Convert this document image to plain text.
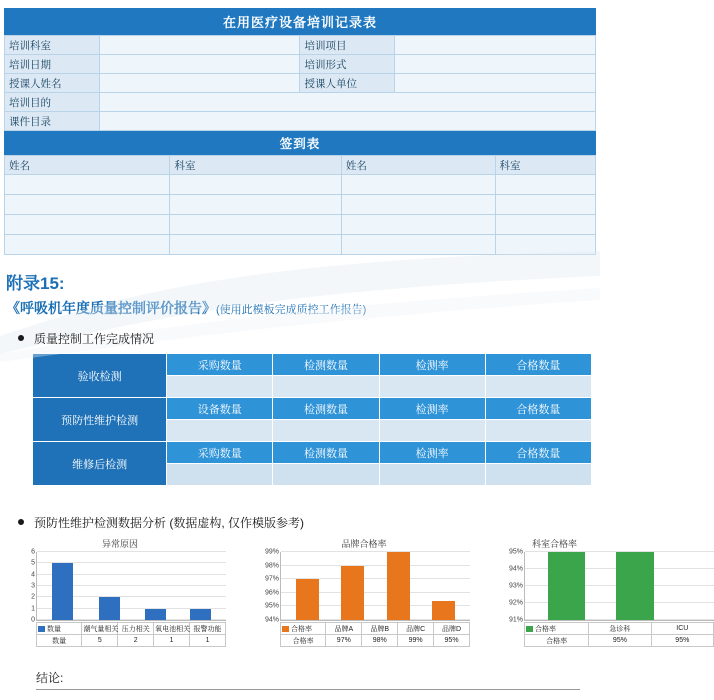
在用医疗设备培训记录表
培训科室		培训项目	
培训日期		培训形式	
授课人姓名		授课人单位	
培训目的			
课件目录			
签到表
姓名	科室	姓名	科室

附录15:
《呼吸机年度质量控制评价报告》(使用此模板完成质控工作报告)
质量控制工作完成情况
验收检测	采购数量	检测数量	检测率	合格数量

预防性维护检测	设备数量	检测数量	检测率	合格数量

维修后检测	采购数量	检测数量	检测率	合格数量

预防性维护检测数据分析 (数据虚构, 仅作模版参考)
异常原因
0
1
2
3
4
5
6
数量	潮气量相关	压力相关	氧电池相关	报警功能
数量	5	2	1	1
品牌合格率
94%
95%
96%
97%
98%
99%
合格率	品牌A	品牌B	品牌C	品牌D
合格率	97%	98%	99%	95%
科室合格率
91%
92%
93%
94%
95%
合格率	急诊科	ICU
合格率	95%	95%
结论:
